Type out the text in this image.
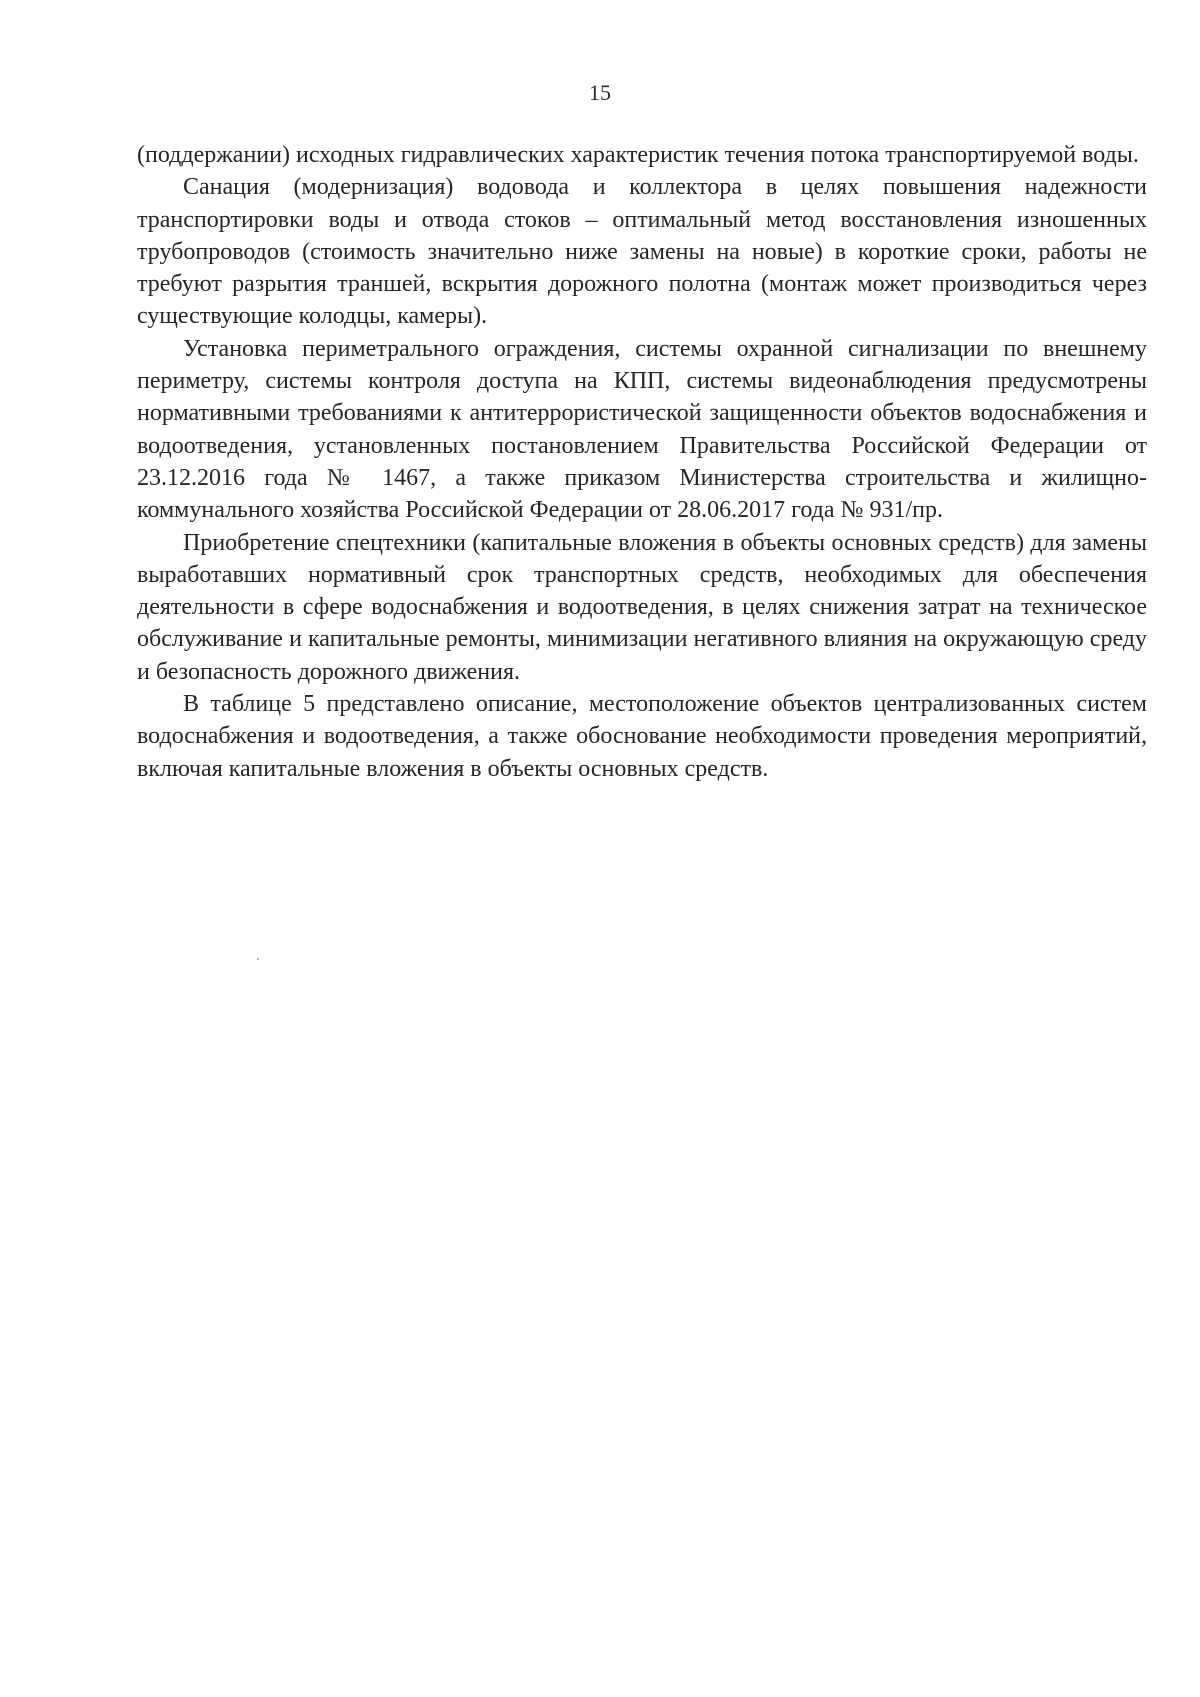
15

(поддержании) исходных гидравлических характеристик течения потока транспортируемой воды.

Санация (модернизация) водовода и коллектора в целях повышения надежности транспортировки воды и отвода стоков – оптимальный метод восстановления изношенных трубопроводов (стоимость значительно ниже замены на новые) в короткие сроки, работы не требуют разрытия траншей, вскрытия дорожного полотна (монтаж может производиться через существующие колодцы, камеры).

Установка периметрального ограждения, системы охранной сигнализации по внешнему периметру, системы контроля доступа на КПП, системы видеонаблюдения предусмотрены нормативными требованиями к антитеррористической защищенности объектов водоснабжения и водоотведения, установленных постановлением Правительства Российской Федерации от 23.12.2016 года № 1467, а также приказом Министерства строительства и жилищно-коммунального хозяйства Российской Федерации от 28.06.2017 года № 931/пр.

Приобретение спецтехники (капитальные вложения в объекты основных средств) для замены выработавших нормативный срок транспортных средств, необходимых для обеспечения деятельности в сфере водоснабжения и водоотведения, в целях снижения затрат на техническое обслуживание и капитальные ремонты, минимизации негативного влияния на окружающую среду и безопасность дорожного движения.

В таблице 5 представлено описание, местоположение объектов централизованных систем водоснабжения и водоотведения, а также обоснование необходимости проведения мероприятий, включая капитальные вложения в объекты основных средств.
